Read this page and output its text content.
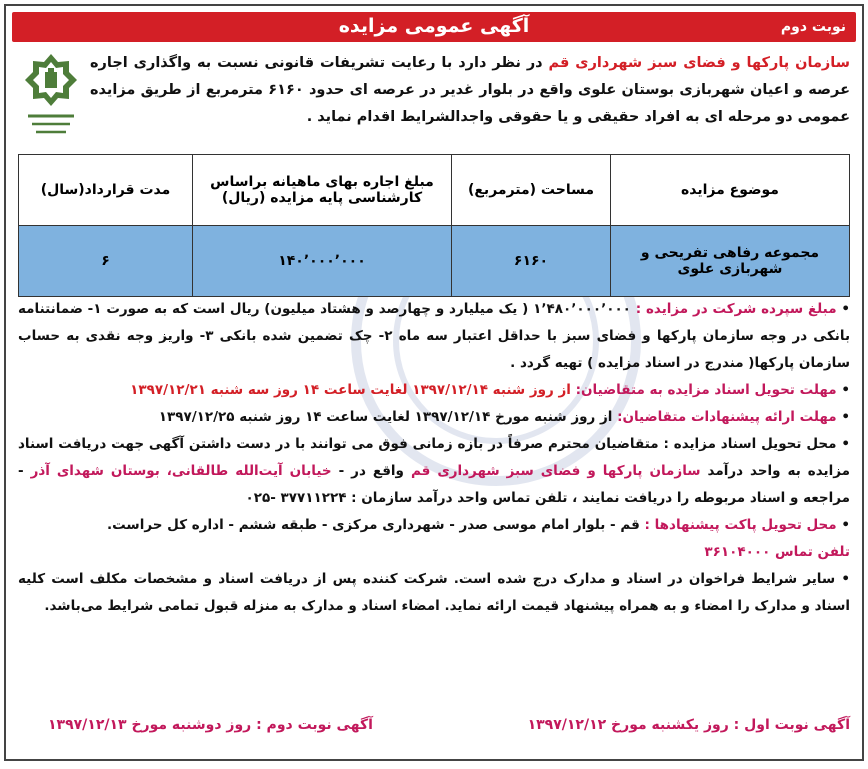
آگهی عمومی مزایده	نوبت دوم
سازمان پارکها و فضای سبز شهرداری قم در نظر دارد با رعایت تشریفات قانونی نسبت به واگذاری اجاره عرصه و اعیان شهربازی بوستان علوی واقع در بلوار غدیر در عرصه ای حدود ۶۱۶۰ مترمربع از طریق مزایده عمومی دو مرحله ای به افراد حقیقی و یا حقوقی واجدالشرایط اقدام نماید .
موضوع مزایده	مساحت (مترمربع)	مبلغ اجاره بهای ماهیانه براساس کارشناسی پایه مزایده (ریال)	مدت قرارداد(سال)
مجموعه رفاهی تفریحی و شهربازی علوی	۶۱۶۰	۱۴۰٬۰۰۰٬۰۰۰	۶

• مبلغ سپرده شرکت در مزایده : ۱٬۴۸۰٬۰۰۰٬۰۰۰ ( یک میلیارد و چهارصد و هشتاد میلیون) ریال است که به صورت ۱- ضمانتنامه بانکی در وجه سازمان پارکها و فضای سبز با حداقل اعتبار سه ماه ۲- چک تضمین شده بانکی ۳- واریز وجه نقدی به حساب سازمان پارکها( مندرج در اسناد مزایده ) تهیه گردد .

• مهلت تحویل اسناد مزایده به متقاضیان: از روز شنبه ۱۳۹۷/۱۲/۱۴ لغایت ساعت ۱۴ روز سه شنبه ۱۳۹۷/۱۲/۲۱

• مهلت ارائه پیشنهادات متقاضیان: از روز شنبه مورخ ۱۳۹۷/۱۲/۱۴ لغایت ساعت ۱۴ روز شنبه ۱۳۹۷/۱۲/۲۵

• محل تحویل اسناد مزایده : متقاضیان محترم صرفاً در بازه زمانی فوق می توانند با در دست داشتن آگهی جهت دریافت اسناد مزایده به واحد درآمد سازمان پارکها و فضای سبز شهرداری قم واقع در - خیابان آیت‌الله طالقانی، بوستان شهدای آذر - مراجعه و اسناد مربوطه را دریافت نمایند ، تلفن تماس واحد درآمد سازمان : ۳۷۷۱۱۲۲۴ -۰۲۵

• محل تحویل پاکت پیشنهادها : قم - بلوار امام موسی صدر - شهرداری مرکزی - طبقه ششم - اداره کل حراست.

تلفن تماس ۳۶۱۰۴۰۰۰

• سایر شرایط فراخوان در اسناد و مدارک درج شده است. شرکت کننده پس از دریافت اسناد و مشخصات مکلف است کلیه اسناد و مدارک را امضاء و به همراه پیشنهاد قیمت ارائه نماید. امضاء اسناد و مدارک به منزله قبول تمامی شرایط می‌باشد.

آگهی نوبت اول : روز یکشنبه مورخ ۱۳۹۷/۱۲/۱۲
آگهی نوبت دوم : روز دوشنبه مورخ ۱۳۹۷/۱۲/۱۳
